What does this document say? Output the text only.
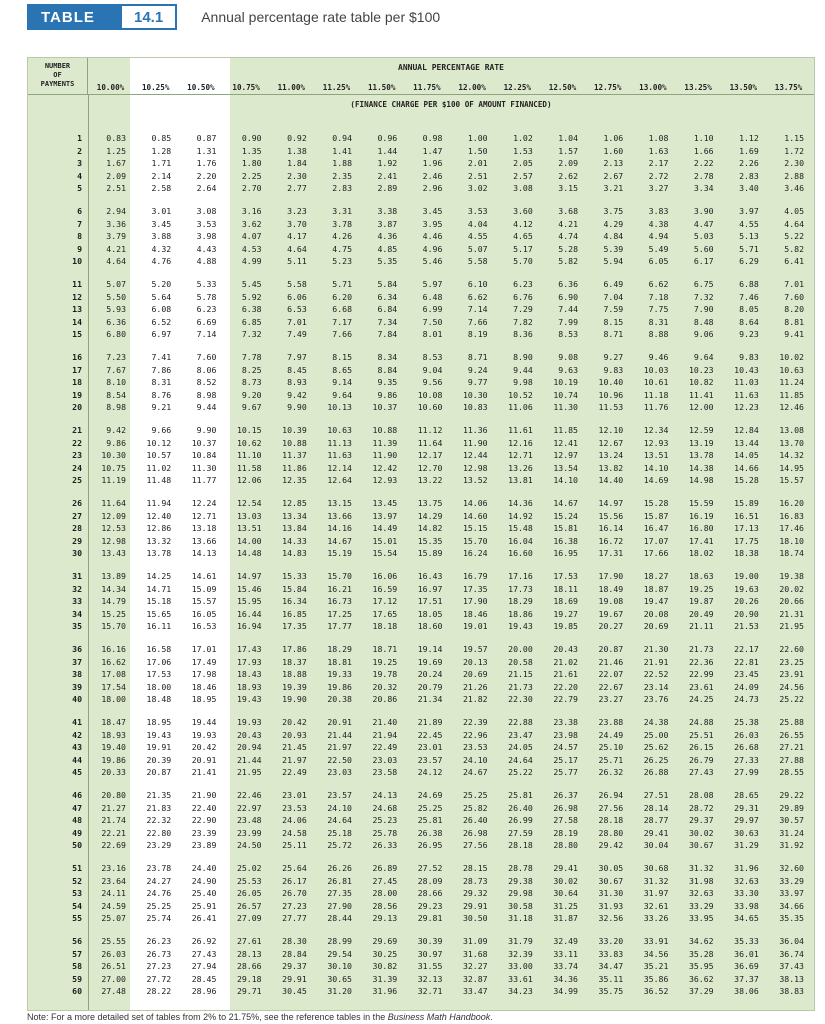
TABLE	14.1	Annual percentage rate table per $100
NUMBER
OF
PAYMENTS
ANNUAL PERCENTAGE RATE
10.00%	10.25%	10.50%	10.75%	11.00%	11.25%	11.50%	11.75%	12.00%	12.25%	12.50%	12.75%	13.00%	13.25%	13.50%	13.75%
(FINANCE CHARGE PER $100 OF AMOUNT FINANCED)
1	0.83	0.85	0.87	0.90	0.92	0.94	0.96	0.98	1.00	1.02	1.04	1.06	1.08	1.10	1.12	1.15
2	1.25	1.28	1.31	1.35	1.38	1.41	1.44	1.47	1.50	1.53	1.57	1.60	1.63	1.66	1.69	1.72
3	1.67	1.71	1.76	1.80	1.84	1.88	1.92	1.96	2.01	2.05	2.09	2.13	2.17	2.22	2.26	2.30
4	2.09	2.14	2.20	2.25	2.30	2.35	2.41	2.46	2.51	2.57	2.62	2.67	2.72	2.78	2.83	2.88
5	2.51	2.58	2.64	2.70	2.77	2.83	2.89	2.96	3.02	3.08	3.15	3.21	3.27	3.34	3.40	3.46
6	2.94	3.01	3.08	3.16	3.23	3.31	3.38	3.45	3.53	3.60	3.68	3.75	3.83	3.90	3.97	4.05
7	3.36	3.45	3.53	3.62	3.70	3.78	3.87	3.95	4.04	4.12	4.21	4.29	4.38	4.47	4.55	4.64
8	3.79	3.88	3.98	4.07	4.17	4.26	4.36	4.46	4.55	4.65	4.74	4.84	4.94	5.03	5.13	5.22
9	4.21	4.32	4.43	4.53	4.64	4.75	4.85	4.96	5.07	5.17	5.28	5.39	5.49	5.60	5.71	5.82
10	4.64	4.76	4.88	4.99	5.11	5.23	5.35	5.46	5.58	5.70	5.82	5.94	6.05	6.17	6.29	6.41
11	5.07	5.20	5.33	5.45	5.58	5.71	5.84	5.97	6.10	6.23	6.36	6.49	6.62	6.75	6.88	7.01
12	5.50	5.64	5.78	5.92	6.06	6.20	6.34	6.48	6.62	6.76	6.90	7.04	7.18	7.32	7.46	7.60
13	5.93	6.08	6.23	6.38	6.53	6.68	6.84	6.99	7.14	7.29	7.44	7.59	7.75	7.90	8.05	8.20
14	6.36	6.52	6.69	6.85	7.01	7.17	7.34	7.50	7.66	7.82	7.99	8.15	8.31	8.48	8.64	8.81
15	6.80	6.97	7.14	7.32	7.49	7.66	7.84	8.01	8.19	8.36	8.53	8.71	8.88	9.06	9.23	9.41
16	7.23	7.41	7.60	7.78	7.97	8.15	8.34	8.53	8.71	8.90	9.08	9.27	9.46	9.64	9.83	10.02
17	7.67	7.86	8.06	8.25	8.45	8.65	8.84	9.04	9.24	9.44	9.63	9.83	10.03	10.23	10.43	10.63
18	8.10	8.31	8.52	8.73	8.93	9.14	9.35	9.56	9.77	9.98	10.19	10.40	10.61	10.82	11.03	11.24
19	8.54	8.76	8.98	9.20	9.42	9.64	9.86	10.08	10.30	10.52	10.74	10.96	11.18	11.41	11.63	11.85
20	8.98	9.21	9.44	9.67	9.90	10.13	10.37	10.60	10.83	11.06	11.30	11.53	11.76	12.00	12.23	12.46
21	9.42	9.66	9.90	10.15	10.39	10.63	10.88	11.12	11.36	11.61	11.85	12.10	12.34	12.59	12.84	13.08
22	9.86	10.12	10.37	10.62	10.88	11.13	11.39	11.64	11.90	12.16	12.41	12.67	12.93	13.19	13.44	13.70
23	10.30	10.57	10.84	11.10	11.37	11.63	11.90	12.17	12.44	12.71	12.97	13.24	13.51	13.78	14.05	14.32
24	10.75	11.02	11.30	11.58	11.86	12.14	12.42	12.70	12.98	13.26	13.54	13.82	14.10	14.38	14.66	14.95
25	11.19	11.48	11.77	12.06	12.35	12.64	12.93	13.22	13.52	13.81	14.10	14.40	14.69	14.98	15.28	15.57
26	11.64	11.94	12.24	12.54	12.85	13.15	13.45	13.75	14.06	14.36	14.67	14.97	15.28	15.59	15.89	16.20
27	12.09	12.40	12.71	13.03	13.34	13.66	13.97	14.29	14.60	14.92	15.24	15.56	15.87	16.19	16.51	16.83
28	12.53	12.86	13.18	13.51	13.84	14.16	14.49	14.82	15.15	15.48	15.81	16.14	16.47	16.80	17.13	17.46
29	12.98	13.32	13.66	14.00	14.33	14.67	15.01	15.35	15.70	16.04	16.38	16.72	17.07	17.41	17.75	18.10
30	13.43	13.78	14.13	14.48	14.83	15.19	15.54	15.89	16.24	16.60	16.95	17.31	17.66	18.02	18.38	18.74
31	13.89	14.25	14.61	14.97	15.33	15.70	16.06	16.43	16.79	17.16	17.53	17.90	18.27	18.63	19.00	19.38
32	14.34	14.71	15.09	15.46	15.84	16.21	16.59	16.97	17.35	17.73	18.11	18.49	18.87	19.25	19.63	20.02
33	14.79	15.18	15.57	15.95	16.34	16.73	17.12	17.51	17.90	18.29	18.69	19.08	19.47	19.87	20.26	20.66
34	15.25	15.65	16.05	16.44	16.85	17.25	17.65	18.05	18.46	18.86	19.27	19.67	20.08	20.49	20.90	21.31
35	15.70	16.11	16.53	16.94	17.35	17.77	18.18	18.60	19.01	19.43	19.85	20.27	20.69	21.11	21.53	21.95
36	16.16	16.58	17.01	17.43	17.86	18.29	18.71	19.14	19.57	20.00	20.43	20.87	21.30	21.73	22.17	22.60
37	16.62	17.06	17.49	17.93	18.37	18.81	19.25	19.69	20.13	20.58	21.02	21.46	21.91	22.36	22.81	23.25
38	17.08	17.53	17.98	18.43	18.88	19.33	19.78	20.24	20.69	21.15	21.61	22.07	22.52	22.99	23.45	23.91
39	17.54	18.00	18.46	18.93	19.39	19.86	20.32	20.79	21.26	21.73	22.20	22.67	23.14	23.61	24.09	24.56
40	18.00	18.48	18.95	19.43	19.90	20.38	20.86	21.34	21.82	22.30	22.79	23.27	23.76	24.25	24.73	25.22
41	18.47	18.95	19.44	19.93	20.42	20.91	21.40	21.89	22.39	22.88	23.38	23.88	24.38	24.88	25.38	25.88
42	18.93	19.43	19.93	20.43	20.93	21.44	21.94	22.45	22.96	23.47	23.98	24.49	25.00	25.51	26.03	26.55
43	19.40	19.91	20.42	20.94	21.45	21.97	22.49	23.01	23.53	24.05	24.57	25.10	25.62	26.15	26.68	27.21
44	19.86	20.39	20.91	21.44	21.97	22.50	23.03	23.57	24.10	24.64	25.17	25.71	26.25	26.79	27.33	27.88
45	20.33	20.87	21.41	21.95	22.49	23.03	23.58	24.12	24.67	25.22	25.77	26.32	26.88	27.43	27.99	28.55
46	20.80	21.35	21.90	22.46	23.01	23.57	24.13	24.69	25.25	25.81	26.37	26.94	27.51	28.08	28.65	29.22
47	21.27	21.83	22.40	22.97	23.53	24.10	24.68	25.25	25.82	26.40	26.98	27.56	28.14	28.72	29.31	29.89
48	21.74	22.32	22.90	23.48	24.06	24.64	25.23	25.81	26.40	26.99	27.58	28.18	28.77	29.37	29.97	30.57
49	22.21	22.80	23.39	23.99	24.58	25.18	25.78	26.38	26.98	27.59	28.19	28.80	29.41	30.02	30.63	31.24
50	22.69	23.29	23.89	24.50	25.11	25.72	26.33	26.95	27.56	28.18	28.80	29.42	30.04	30.67	31.29	31.92
51	23.16	23.78	24.40	25.02	25.64	26.26	26.89	27.52	28.15	28.78	29.41	30.05	30.68	31.32	31.96	32.60
52	23.64	24.27	24.90	25.53	26.17	26.81	27.45	28.09	28.73	29.38	30.02	30.67	31.32	31.98	32.63	33.29
53	24.11	24.76	25.40	26.05	26.70	27.35	28.00	28.66	29.32	29.98	30.64	31.30	31.97	32.63	33.30	33.97
54	24.59	25.25	25.91	26.57	27.23	27.90	28.56	29.23	29.91	30.58	31.25	31.93	32.61	33.29	33.98	34.66
55	25.07	25.74	26.41	27.09	27.77	28.44	29.13	29.81	30.50	31.18	31.87	32.56	33.26	33.95	34.65	35.35
56	25.55	26.23	26.92	27.61	28.30	28.99	29.69	30.39	31.09	31.79	32.49	33.20	33.91	34.62	35.33	36.04
57	26.03	26.73	27.43	28.13	28.84	29.54	30.25	30.97	31.68	32.39	33.11	33.83	34.56	35.28	36.01	36.74
58	26.51	27.23	27.94	28.66	29.37	30.10	30.82	31.55	32.27	33.00	33.74	34.47	35.21	35.95	36.69	37.43
59	27.00	27.72	28.45	29.18	29.91	30.65	31.39	32.13	32.87	33.61	34.36	35.11	35.86	36.62	37.37	38.13
60	27.48	28.22	28.96	29.71	30.45	31.20	31.96	32.71	33.47	34.23	34.99	35.75	36.52	37.29	38.06	38.83
Note: For a more detailed set of tables from 2% to 21.75%, see the reference tables in the Business Math Handbook.
